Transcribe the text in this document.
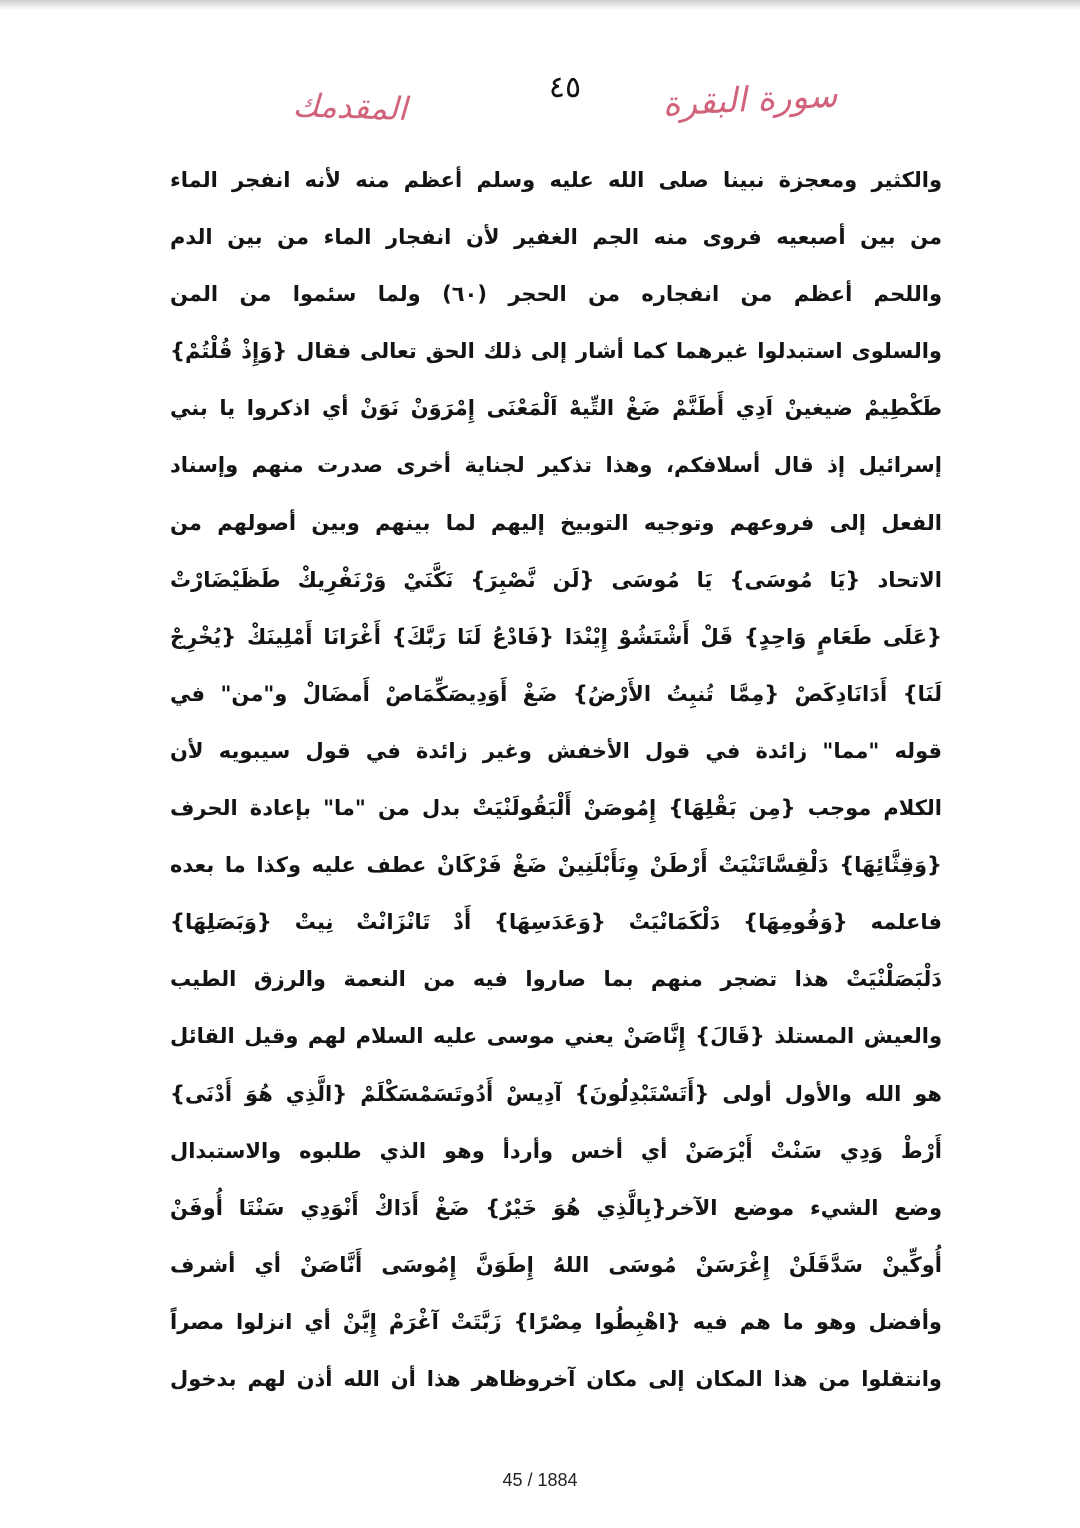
سورة البقرة
٤٥
المقدمك
والكثير ومعجزة نبينا صلى الله عليه وسلم أعظم منه لأنه انفجر الماء
من بين أصبعيه فروى منه الجم الغفير لأن انفجار الماء من بين الدم
واللحم أعظم من انفجاره من الحجر (٦٠) ولما سئموا من المن
والسلوى استبدلوا غيرهما كما أشار إلى ذلك الحق تعالى فقال {وَإِذْ قُلْتُمْ}
طَكْطِيمْ ضيغينْ اَدِي أَطَنَّمْ ضَغْ التِّيهْ اَلْمَعْنَى إِمْرَوَنْ نَوَنْ أي اذكروا يا بني
إسرائيل إذ قال أسلافكم، وهذا تذكير لجناية أخرى صدرت منهم وإسناد
الفعل إلى فروعهم وتوجيه التوبيخ إليهم لما بينهم وبين أصولهم من
الاتحاد {يَا مُوسَى} يَا مُوسَى {لَن نَّصْبِرَ} نَكَّنَيْ وَرْنَفْرِيكْ طَظَيْضَارْتْ
{عَلَى طَعَامٍ وَاحِدٍ} قَلْ أَشْتَشُوْ إِيْنْدَا {فَادْعُ لَنَا رَبَّكَ} أَغْرَانَا أَمْلِينَكْ {يُخْرِجْ
لَنَا} أَدَانَادِكَصْ {مِمَّا تُنبِتُ الأَرْضُ} ضَغْ أَوَدِيصَكِّمَاصْ أَمضَالْ و"من" في
قوله "مما" زائدة في قول الأخفش وغير زائدة في قول سيبويه لأن
الكلام موجب {مِن بَقْلِهَا} إِمُوصَنْ أَلْبَقُولَنْيَتْ بدل من "ما" بإعادة الحرف
{وَقِثَّائِهَا} دَلْقِسَّاتَنْيَتْ أَرْطَنْ وِنَأَبْلَنِينْ ضَغْ فَرْكَانْ عطف عليه وكذا ما بعده
فاعلمه {وَفُومِهَا} دَلْكَمَانْيَتْ {وَعَدَسِهَا} أَدْ تَانْزَانْتْ نِيتْ {وَبَصَلِهَا}
دَلْبَصَلْنْيَتْ هذا تضجر منهم بما صاروا فيه من النعمة والرزق الطيب
والعيش المستلذ {قَالَ} إِنَّاصَنْ يعني موسى عليه السلام لهم وقيل القائل
هو الله والأول أولى {أَتَسْتَبْدِلُونَ} آدِيسْ أَدُوتَسَمْسَكْلَمْ {الَّذِي هُوَ أَدْنَى}
أَرْطْ وَدِي سَنْتْ أَيْرَصَنْ أي أخس وأردأ وهو الذي طلبوه والاستبدال
وضع الشيء موضع الآخر{بِالَّذِي هُوَ خَيْرٌ} ضَغْ أَدَاكْ أَنْوَدِي سَنْتَا أُوفَنْ
أُوكِّينْ سَدَّقَلَنْ إِغْرَسَنْ مُوسَى اللهُ إِطَوَنَّ إِمُوسَى أَنَّاصَنْ أي أشرف
وأفضل وهو ما هم فيه {اهْبِطُوا مِصْرًا} زَبَّتَتْ آغْرَمْ إِيَّنْ أي انزلوا مصراً
وانتقلوا من هذا المكان إلى مكان آخروظاهر هذا أن الله أذن لهم بدخول
45 / 1884
